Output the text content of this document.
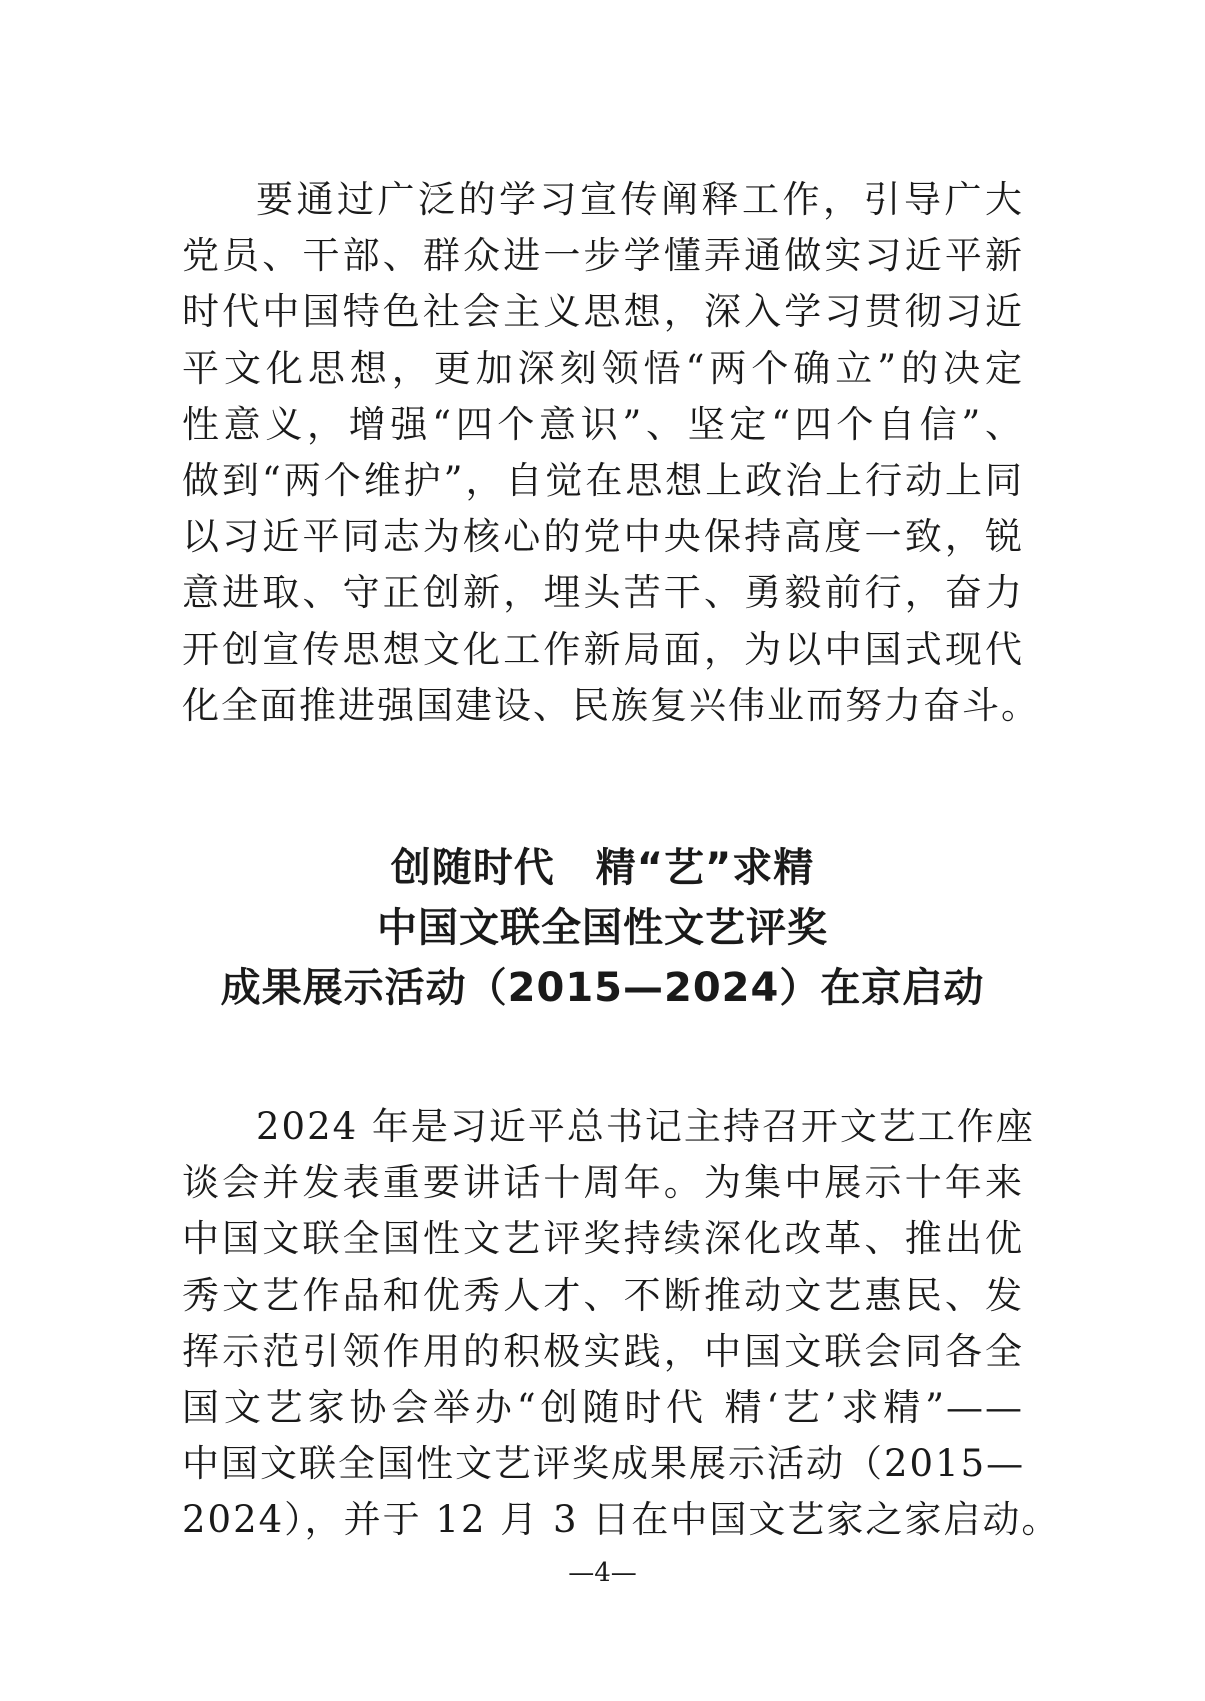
要通过广泛的学习宣传阐释工作，引导广大
党员、干部、群众进一步学懂弄通做实习近平新
时代中国特色社会主义思想，深入学习贯彻习近
平文化思想，更加深刻领悟“两个确立”的决定
性意义，增强“四个意识”、坚定“四个自信”、
做到“两个维护”，自觉在思想上政治上行动上同
以习近平同志为核心的党中央保持高度一致，锐
意进取、守正创新，埋头苦干、勇毅前行，奋力
开创宣传思想文化工作新局面，为以中国式现代
化全面推进强国建设、民族复兴伟业而努力奋斗。
创随时代　精“艺”求精
中国文联全国性文艺评奖
成果展示活动（2015—2024）在京启动
2024 年是习近平总书记主持召开文艺工作座
谈会并发表重要讲话十周年。为集中展示十年来
中国文联全国性文艺评奖持续深化改革、推出优
秀文艺作品和优秀人才、不断推动文艺惠民、发
挥示范引领作用的积极实践，中国文联会同各全
国文艺家协会举办“创随时代 精‘艺’求精”——
中国文联全国性文艺评奖成果展示活动（2015—
2024），并于 12 月 3 日在中国文艺家之家启动。
—4—
